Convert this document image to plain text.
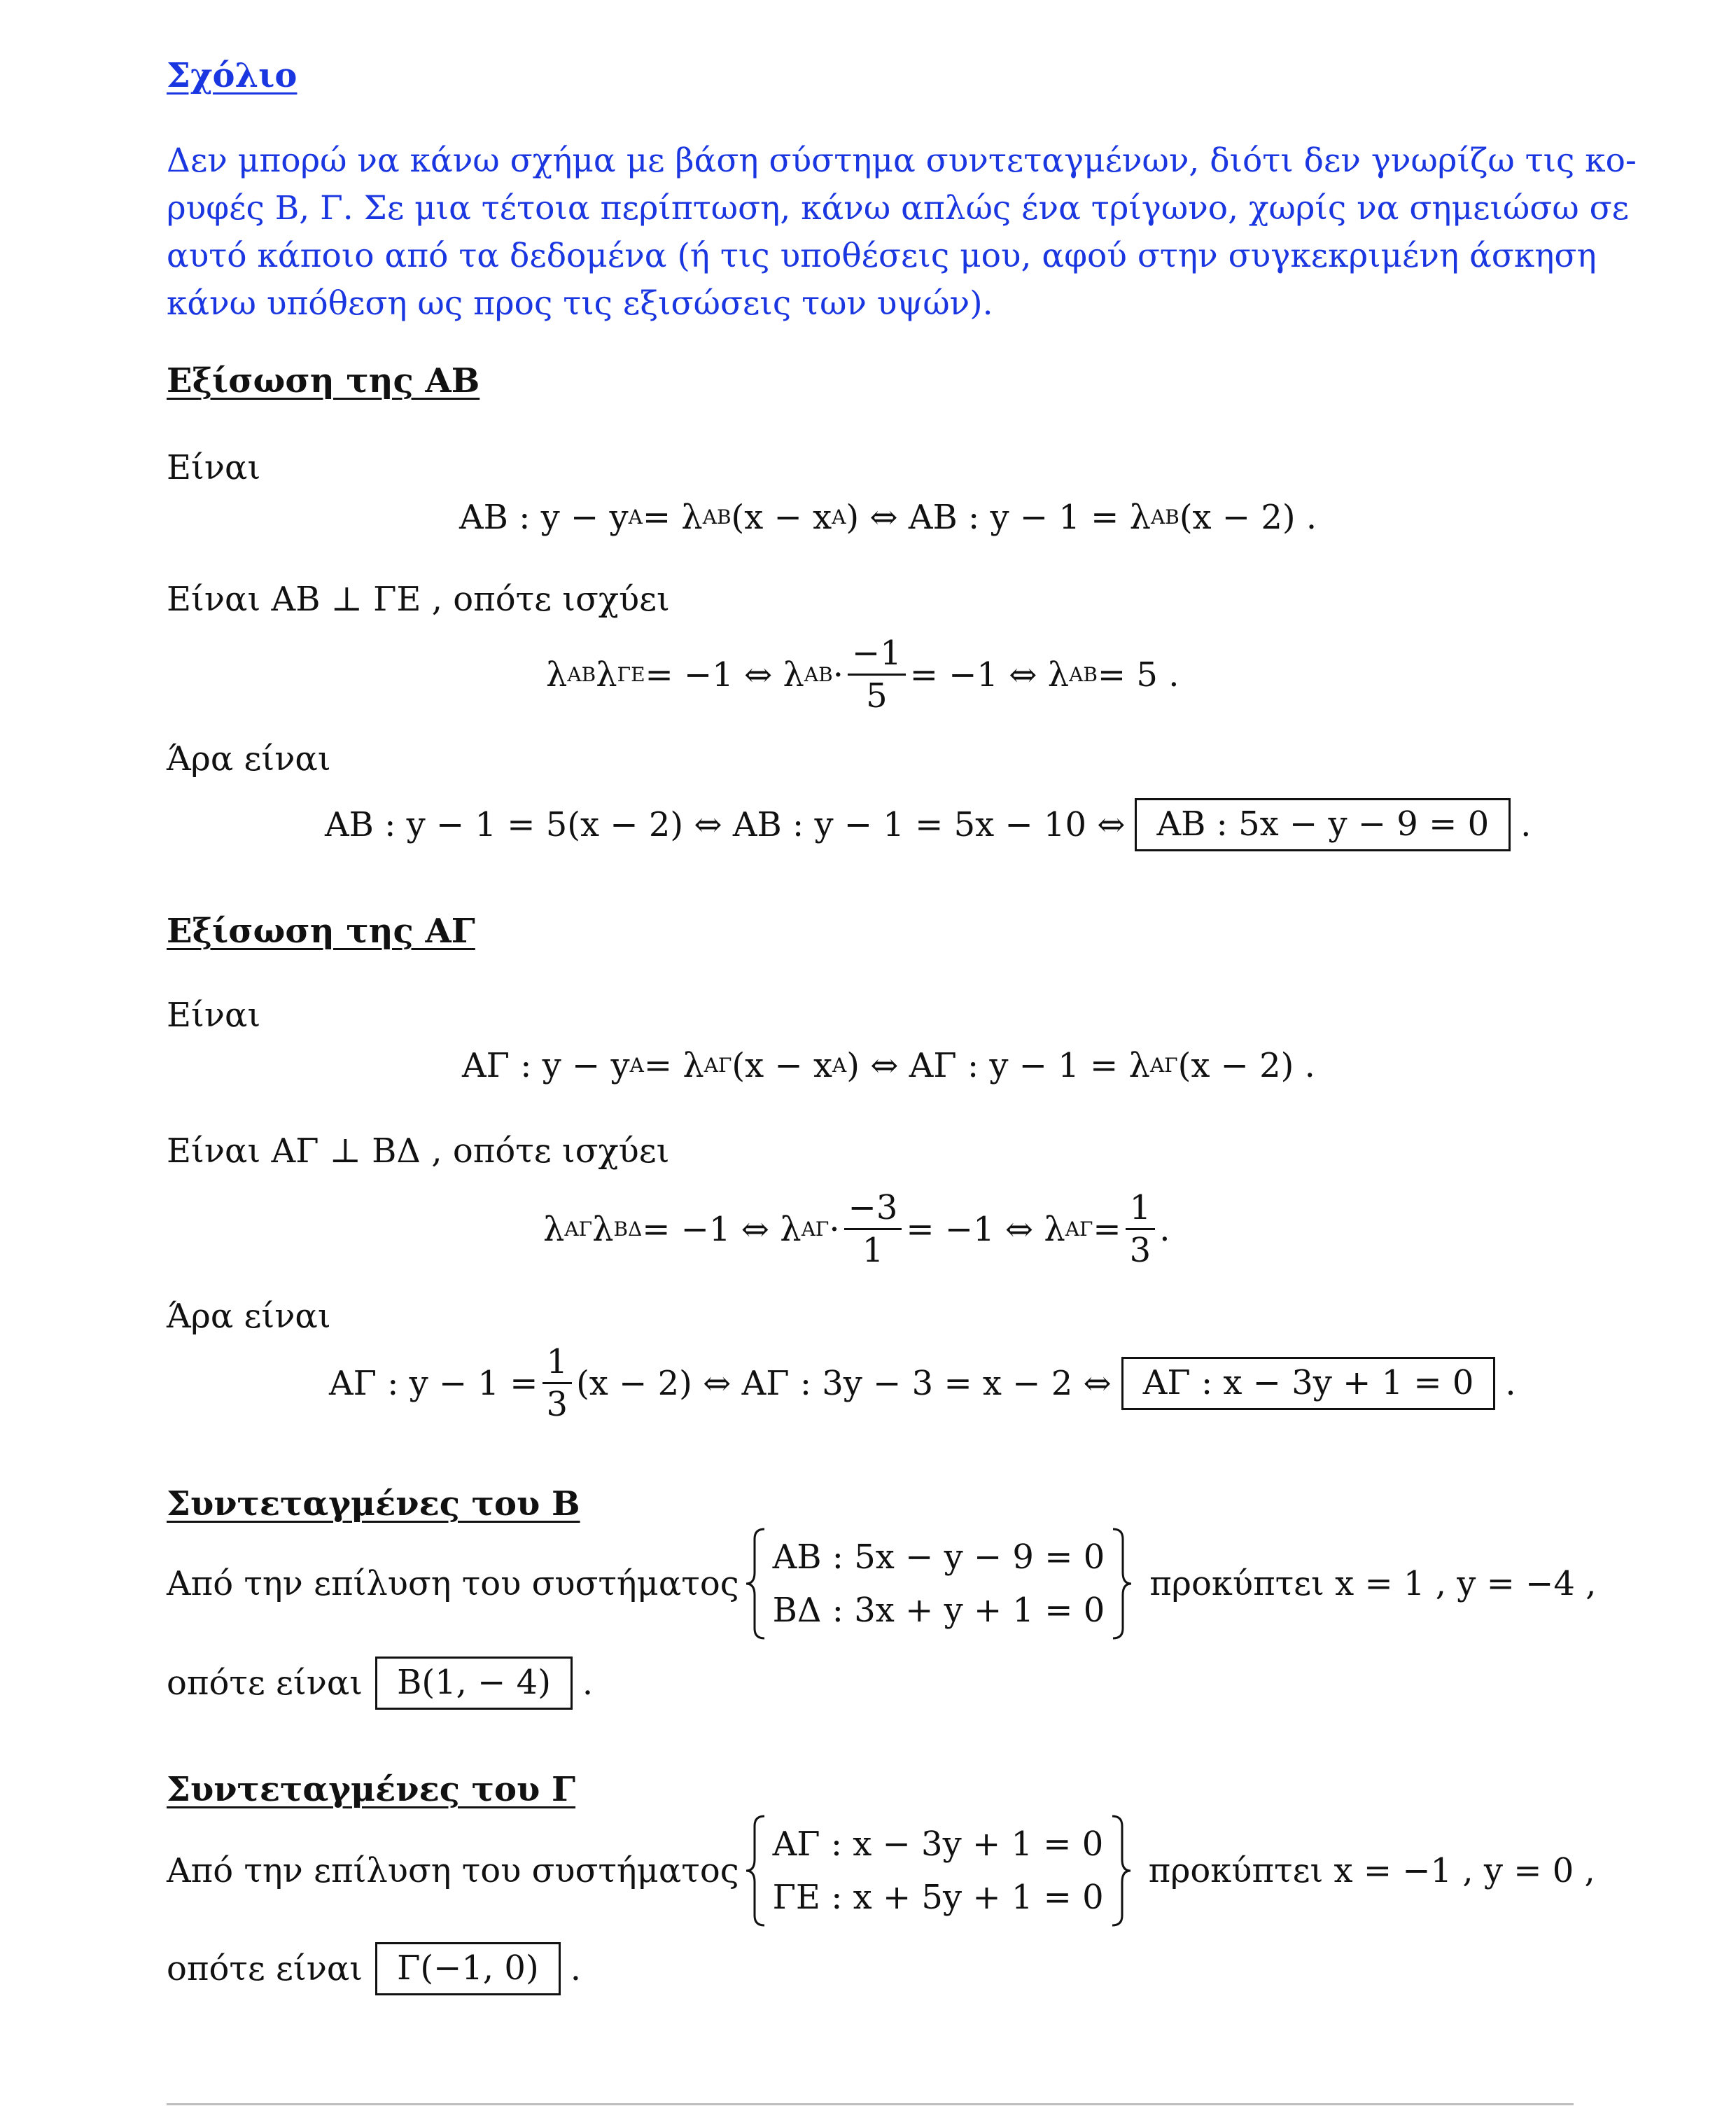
Σχόλιο
Δεν μπορώ να κάνω σχήμα με βάση σύστημα συντεταγμένων, διότι δεν γνωρίζω τις κο-
ρυφές Β, Γ. Σε μια τέτοια περίπτωση, κάνω απλώς ένα τρίγωνο, χωρίς να σημειώσω σε
αυτό κάποιο από τα δεδομένα (ή τις υποθέσεις μου, αφού στην συγκεκριμένη άσκηση
κάνω υπόθεση ως προς τις εξισώσεις των υψών).
Εξίσωση της ΑΒ
Είναι
ΑΒ : y − y Α = λ ΑΒ (x − x Α ) ⇔ ΑΒ : y − 1 = λ ΑΒ (x − 2) .
Είναι ΑΒ ⊥ ΓΕ , οπότε ισχύει
λ ΑΒ λ ΓΕ = −1 ⇔ λ $AB \cdot \frac{-1}{5} = -1$ ⇔ λ ΑΒ = 5 .
Άρα είναι
ΑΒ : y − 1 = 5(x − 2) ⇔ ΑΒ : y − 1 = 5x − 10 ⇔ ΑΒ : 5x − y − 9 = 0 .
Εξίσωση της ΑΓ
Είναι
ΑΓ : y − y Α = λ ΑΓ (x − x Α ) ⇔ ΑΓ : y − 1 = λ ΑΓ (x − 2) .
Είναι ΑΓ ⊥ ΒΔ , οπότε ισχύει
λ ΑΓ λ ΒΔ = −1 ⇔ λ $A\Gamma \cdot \frac{-3}{1} = -1$ ⇔ λ $A\Gamma = \frac{1}{3}$ .
Άρα είναι
ΑΓ : $y - 1 = \frac{1}{3} (x - 2)$ ⇔ ΑΓ : 3y − 3 = x − 2 ⇔ ΑΓ : x − 3y + 1 = 0 .
Συντεταγμένες του Β
Από την επίλυση του συστήματος
ΑΒ : 5x − y − 9 = 0
ΒΔ : 3x + y + 1 = 0
προκύπτει x = 1 , y = −4 ,
οπότε είναι	Β(1, − 4) .
Συντεταγμένες του Γ
Από την επίλυση του συστήματος
ΑΓ : x − 3y + 1 = 0
ΓΕ : x + 5y + 1 = 0
προκύπτει x = −1 , y = 0 ,
οπότε είναι	Γ(−1, 0) .
